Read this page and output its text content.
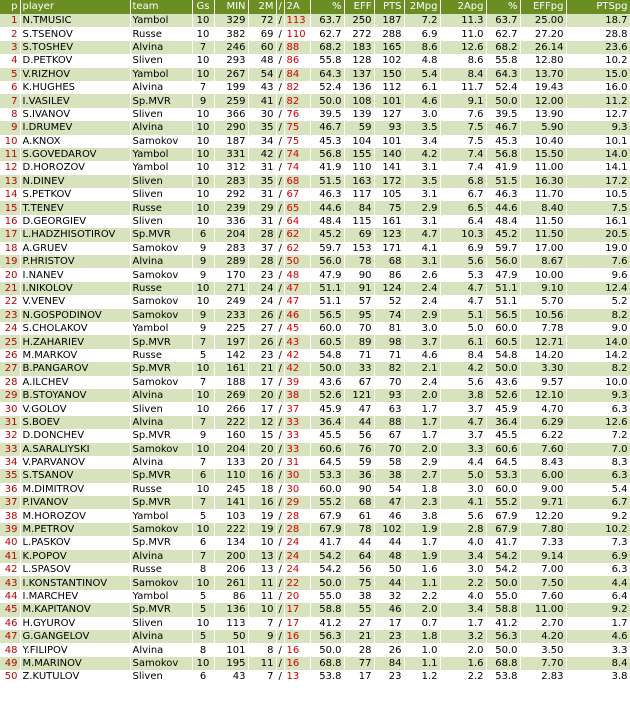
p	player	team	Gs	MIN	2M	/	2A	%	EFF	PTS	2Mpg	2Apg	%	EFFpg	PTSpg
1	N.TMUSIC	Yambol	10	329	72	/	113	63.7	250	187	7.2	11.3	63.7	25.00	18.7
2	S.TSENOV	Russe	10	382	69	/	110	62.7	272	288	6.9	11.0	62.7	27.20	28.8
3	S.TOSHEV	Alvina	7	246	60	/	88	68.2	183	165	8.6	12.6	68.2	26.14	23.6
4	D.PETKOV	Sliven	10	293	48	/	86	55.8	128	102	4.8	8.6	55.8	12.80	10.2
5	V.RIZHOV	Yambol	10	267	54	/	84	64.3	137	150	5.4	8.4	64.3	13.70	15.0
6	K.HUGHES	Alvina	7	199	43	/	82	52.4	136	112	6.1	11.7	52.4	19.43	16.0
7	I.VASILEV	Sp.MVR	9	259	41	/	82	50.0	108	101	4.6	9.1	50.0	12.00	11.2
8	S.IVANOV	Sliven	10	366	30	/	76	39.5	139	127	3.0	7.6	39.5	13.90	12.7
9	I.DRUMEV	Alvina	10	290	35	/	75	46.7	59	93	3.5	7.5	46.7	5.90	9.3
10	A.KNOX	Samokov	10	187	34	/	75	45.3	104	101	3.4	7.5	45.3	10.40	10.1
11	S.GOVEDAROV	Yambol	10	331	42	/	74	56.8	155	140	4.2	7.4	56.8	15.50	14.0
12	D.HOROZOV	Yambol	10	312	31	/	74	41.9	110	141	3.1	7.4	41.9	11.00	14.1
13	N.DINEV	Sliven	10	283	35	/	68	51.5	163	172	3.5	6.8	51.5	16.30	17.2
14	S.PETKOV	Sliven	10	292	31	/	67	46.3	117	105	3.1	6.7	46.3	11.70	10.5
15	T.TENEV	Russe	10	239	29	/	65	44.6	84	75	2.9	6.5	44.6	8.40	7.5
16	D.GEORGIEV	Sliven	10	336	31	/	64	48.4	115	161	3.1	6.4	48.4	11.50	16.1
17	L.HADZHISOTIROV	Sp.MVR	6	204	28	/	62	45.2	69	123	4.7	10.3	45.2	11.50	20.5
18	A.GRUEV	Samokov	9	283	37	/	62	59.7	153	171	4.1	6.9	59.7	17.00	19.0
19	P.HRISTOV	Alvina	9	289	28	/	50	56.0	78	68	3.1	5.6	56.0	8.67	7.6
20	I.NANEV	Samokov	9	170	23	/	48	47.9	90	86	2.6	5.3	47.9	10.00	9.6
21	I.NIKOLOV	Russe	10	271	24	/	47	51.1	91	124	2.4	4.7	51.1	9.10	12.4
22	V.VENEV	Samokov	10	249	24	/	47	51.1	57	52	2.4	4.7	51.1	5.70	5.2
23	N.GOSPODINOV	Samokov	9	233	26	/	46	56.5	95	74	2.9	5.1	56.5	10.56	8.2
24	S.CHOLAKOV	Yambol	9	225	27	/	45	60.0	70	81	3.0	5.0	60.0	7.78	9.0
25	H.ZAHARIEV	Sp.MVR	7	197	26	/	43	60.5	89	98	3.7	6.1	60.5	12.71	14.0
26	M.MARKOV	Russe	5	142	23	/	42	54.8	71	71	4.6	8.4	54.8	14.20	14.2
27	B.PANGAROV	Sp.MVR	10	161	21	/	42	50.0	33	82	2.1	4.2	50.0	3.30	8.2
28	A.ILCHEV	Samokov	7	188	17	/	39	43.6	67	70	2.4	5.6	43.6	9.57	10.0
29	B.STOYANOV	Alvina	10	269	20	/	38	52.6	121	93	2.0	3.8	52.6	12.10	9.3
30	V.GOLOV	Sliven	10	266	17	/	37	45.9	47	63	1.7	3.7	45.9	4.70	6.3
31	S.BOEV	Alvina	7	222	12	/	33	36.4	44	88	1.7	4.7	36.4	6.29	12.6
32	D.DONCHEV	Sp.MVR	9	160	15	/	33	45.5	56	67	1.7	3.7	45.5	6.22	7.2
33	A.SARALIYSKI	Samokov	10	204	20	/	33	60.6	76	70	2.0	3.3	60.6	7.60	7.0
34	V.PARVANOV	Alvina	7	133	20	/	31	64.5	59	58	2.9	4.4	64.5	8.43	8.3
35	S.TSANOV	Sp.MVR	6	110	16	/	30	53.3	36	38	2.7	5.0	53.3	6.00	6.3
36	M.DIMITROV	Russe	10	245	18	/	30	60.0	90	54	1.8	3.0	60.0	9.00	5.4
37	P.IVANOV	Sp.MVR	7	141	16	/	29	55.2	68	47	2.3	4.1	55.2	9.71	6.7
38	M.HOROZOV	Yambol	5	103	19	/	28	67.9	61	46	3.8	5.6	67.9	12.20	9.2
39	M.PETROV	Samokov	10	222	19	/	28	67.9	78	102	1.9	2.8	67.9	7.80	10.2
40	L.PASKOV	Sp.MVR	6	134	10	/	24	41.7	44	44	1.7	4.0	41.7	7.33	7.3
41	K.POPOV	Alvina	7	200	13	/	24	54.2	64	48	1.9	3.4	54.2	9.14	6.9
42	L.SPASOV	Russe	8	206	13	/	24	54.2	56	50	1.6	3.0	54.2	7.00	6.3
43	I.KONSTANTINOV	Samokov	10	261	11	/	22	50.0	75	44	1.1	2.2	50.0	7.50	4.4
44	I.MARCHEV	Yambol	5	86	11	/	20	55.0	38	32	2.2	4.0	55.0	7.60	6.4
45	M.KAPITANOV	Sp.MVR	5	136	10	/	17	58.8	55	46	2.0	3.4	58.8	11.00	9.2
46	H.GYUROV	Sliven	10	113	7	/	17	41.2	27	17	0.7	1.7	41.2	2.70	1.7
47	G.GANGELOV	Alvina	5	50	9	/	16	56.3	21	23	1.8	3.2	56.3	4.20	4.6
48	Y.FILIPOV	Alvina	8	101	8	/	16	50.0	28	26	1.0	2.0	50.0	3.50	3.3
49	M.MARINOV	Samokov	10	195	11	/	16	68.8	77	84	1.1	1.6	68.8	7.70	8.4
50	Z.KUTULOV	Sliven	6	43	7	/	13	53.8	17	23	1.2	2.2	53.8	2.83	3.8
